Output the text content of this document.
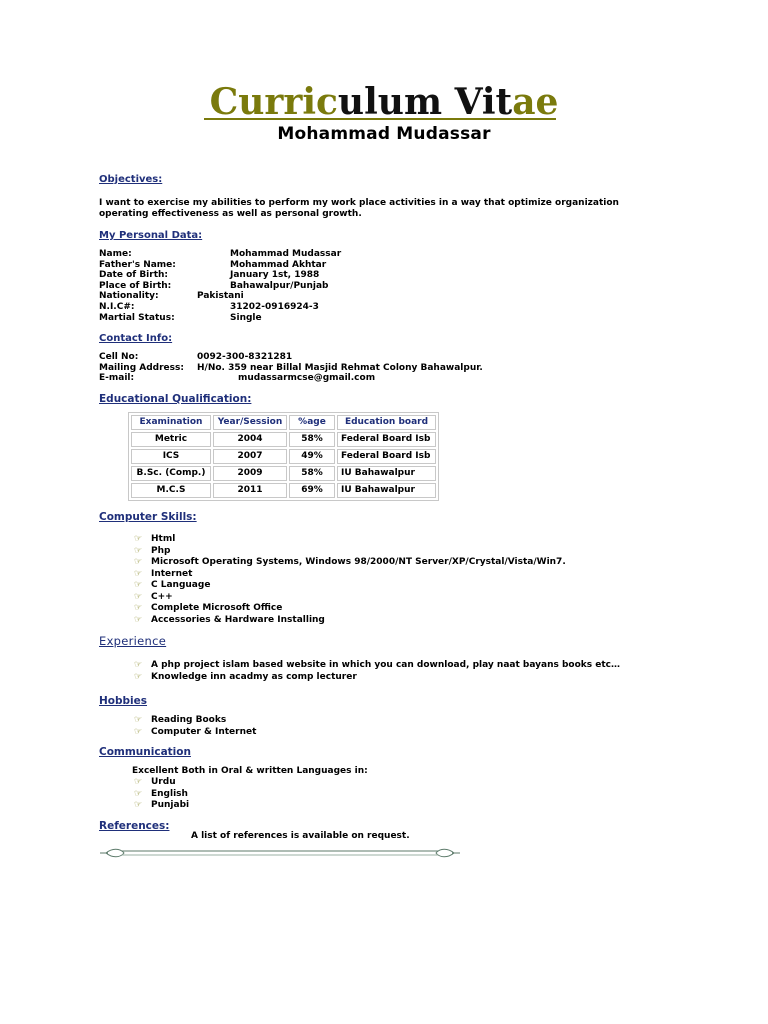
Curriculum Vitae
Mohammad Mudassar
Objectives:
I want to exercise my abilities to perform my work place activities in a way that optimize organization operating effectiveness as well as personal growth.
My Personal Data:
Name:	Mohammad Mudassar
Father's Name:	Mohammad Akhtar
Date of Birth:	January 1st, 1988
Place of Birth:	Bahawalpur/Punjab
Nationality:	Pakistani
N.I.C#:	31202-0916924-3
Martial Status:	Single
Contact Info:
Cell No:	0092-300-8321281
Mailing Address: H/No. 359 near Billal Masjid Rehmat Colony Bahawalpur.
E-mail:	mudassarmcse@gmail.com
Educational Qualification:
Examination	Year/Session	%age	Education board
Metric	2004	58%	Federal Board Isb
ICS	2007	49%	Federal Board Isb
B.Sc. (Comp.)	2009	58%	IU Bahawalpur
M.C.S	2011	69%	IU Bahawalpur
Computer Skills:
☞ Html
☞ Php
☞ Microsoft Operating Systems, Windows 98/2000/NT Server/XP/Crystal/Vista/Win7.
☞ Internet
☞ C Language
☞ C++
☞ Complete Microsoft Office
☞ Accessories & Hardware Installing
Experience
☞ A php project islam based website in which you can download, play naat bayans books etc…
☞ Knowledge inn acadmy as comp lecturer
Hobbies
☞ Reading Books
☞ Computer & Internet
Communication
Excellent Both in Oral & written Languages in:
☞ Urdu
☞ English
☞ Punjabi
References:
A list of references is available on request.
